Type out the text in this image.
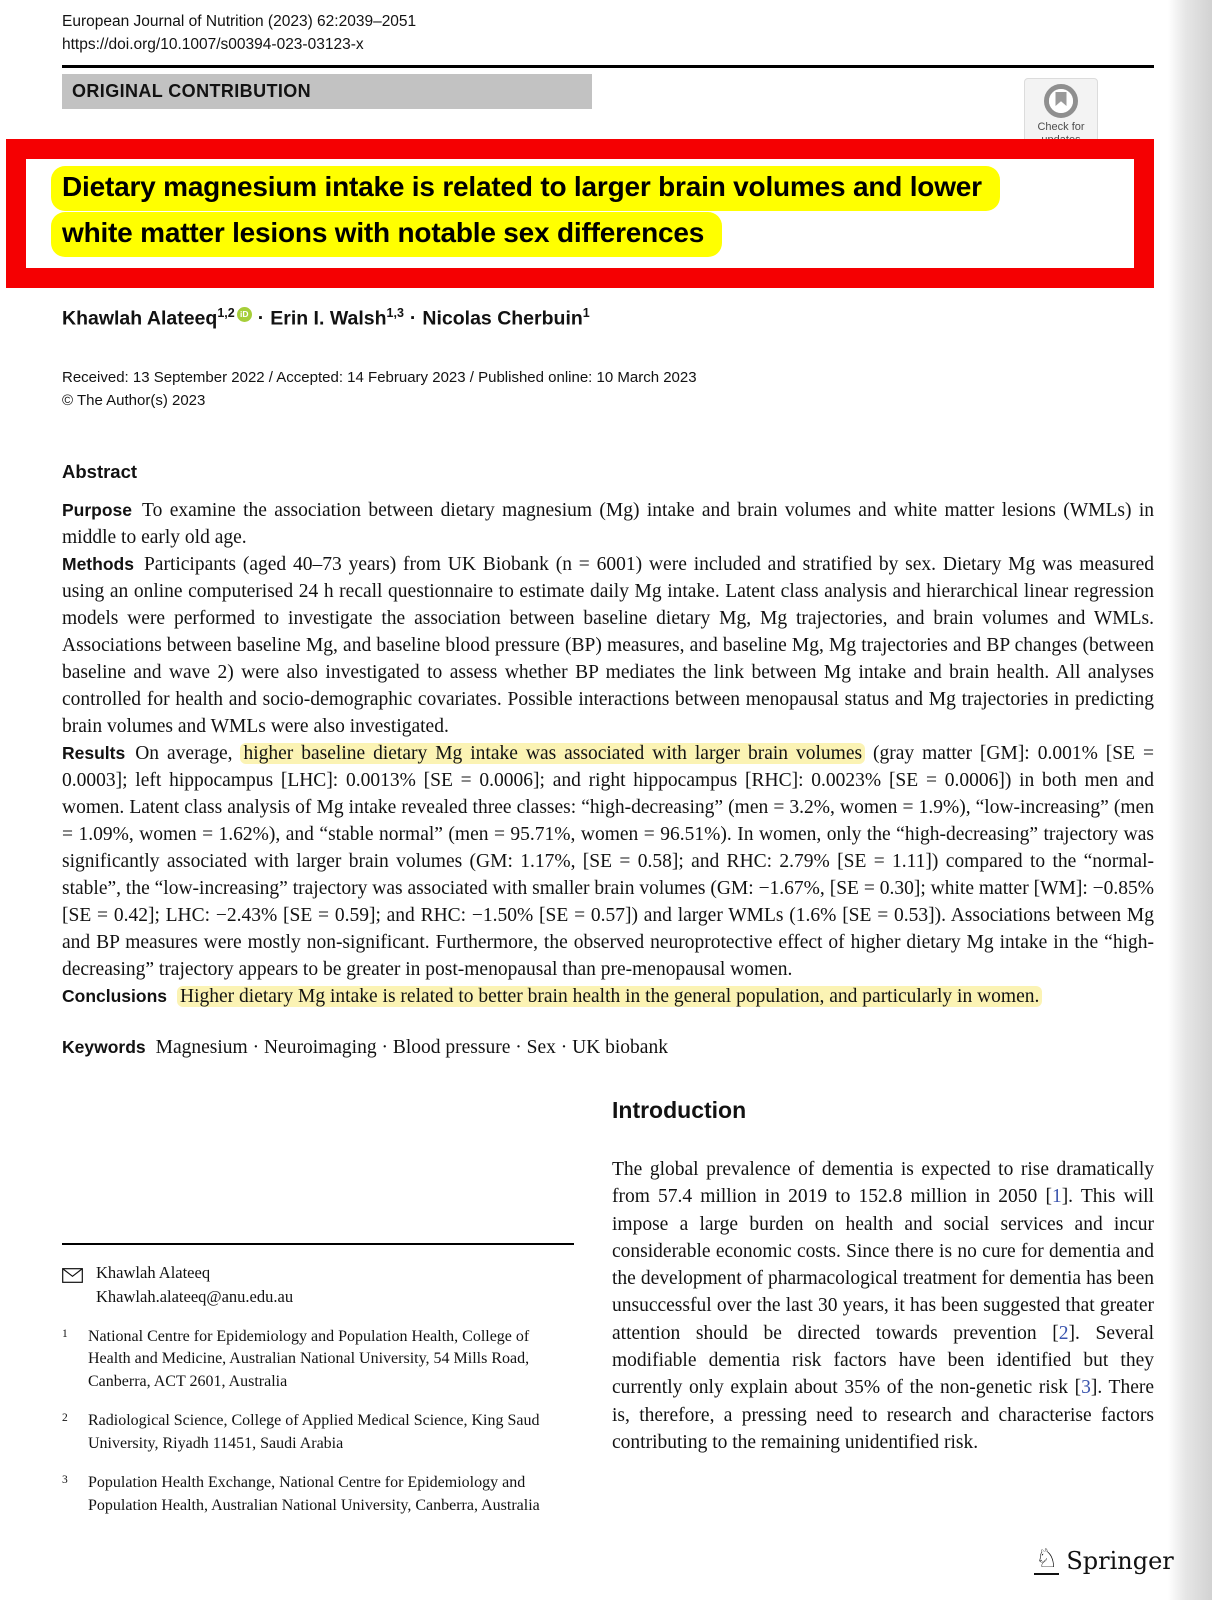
Check for
European Journal of Nutrition (2023) 62:2039–2051
https://doi.org/10.1007/s00394-023-03123-x
ORIGINAL CONTRIBUTION
Dietary magnesium intake is related to larger brain volumes and lower
white matter lesions with notable sex differences
Khawlah Alateeq$^{1,2}$ iD · Erin I. Walsh$^{1,3}$ · Nicolas Cherbuin$^1$
Received: 13 September 2022 / Accepted: 14 February 2023 / Published online: 10 March 2023
© The Author(s) 2023
Abstract

Purpose To examine the association between dietary magnesium (Mg) intake and brain volumes and white matter lesions (WMLs) in middle to early old age.

Methods Participants (aged 40–73 years) from UK Biobank (n = 6001) were included and stratified by sex. Dietary Mg was measured using an online computerised 24 h recall questionnaire to estimate daily Mg intake. Latent class analysis and hierarchical linear regression models were performed to investigate the association between baseline dietary Mg, Mg trajectories, and brain volumes and WMLs. Associations between baseline Mg, and baseline blood pressure (BP) measures, and baseline Mg, Mg trajectories and BP changes (between baseline and wave 2) were also investigated to assess whether BP mediates the link between Mg intake and brain health. All analyses controlled for health and socio-demographic covariates. Possible interactions between menopausal status and Mg trajectories in predicting brain volumes and WMLs were also investigated.

Results On average, higher baseline dietary Mg intake was associated with larger brain volumes (gray matter [GM]: 0.001% [SE = 0.0003]; left hippocampus [LHC]: 0.0013% [SE = 0.0006]; and right hippocampus [RHC]: 0.0023% [SE = 0.0006]) in both men and women. Latent class analysis of Mg intake revealed three classes: “high-decreasing” (men = 3.2%, women = 1.9%), “low-increasing” (men = 1.09%, women = 1.62%), and “stable normal” (men = 95.71%, women = 96.51%). In women, only the “high-decreasing” trajectory was significantly associated with larger brain volumes (GM: 1.17%, [SE = 0.58]; and RHC: 2.79% [SE = 1.11]) compared to the “normal-stable”, the “low-increasing” trajectory was associated with smaller brain volumes (GM: −1.67%, [SE = 0.30]; white matter [WM]: −0.85% [SE = 0.42]; LHC: −2.43% [SE = 0.59]; and RHC: −1.50% [SE = 0.57]) and larger WMLs (1.6% [SE = 0.53]). Associations between Mg and BP measures were mostly non-significant. Furthermore, the observed neuroprotective effect of higher dietary Mg intake in the “high-decreasing” trajectory appears to be greater in post-menopausal than pre-menopausal women.

Conclusions Higher dietary Mg intake is related to better brain health in the general population, and particularly in women.

Keywords Magnesium · Neuroimaging · Blood pressure · Sex · UK biobank
Khawlah Alateeq
Khawlah.alateeq@anu.edu.au
1	National Centre for Epidemiology and Population Health, College of Health and Medicine, Australian National University, 54 Mills Road, Canberra, ACT 2601, Australia
2	Radiological Science, College of Applied Medical Science, King Saud University, Riyadh 11451, Saudi Arabia
3	Population Health Exchange, National Centre for Epidemiology and Population Health, Australian National University, Canberra, Australia
Introduction

The global prevalence of dementia is expected to rise dramatically from 57.4 million in 2019 to 152.8 million in 2050 [1]. This will impose a large burden on health and social services and incur considerable economic costs. Since there is no cure for dementia and the development of pharmacological treatment for dementia has been unsuccessful over the last 30 years, it has been suggested that greater attention should be directed towards prevention [2]. Several modifiable dementia risk factors have been identified but they currently only explain about 35% of the non-genetic risk [3]. There is, therefore, a pressing need to research and characterise factors contributing to the remaining unidentified risk.

♘ Springer
